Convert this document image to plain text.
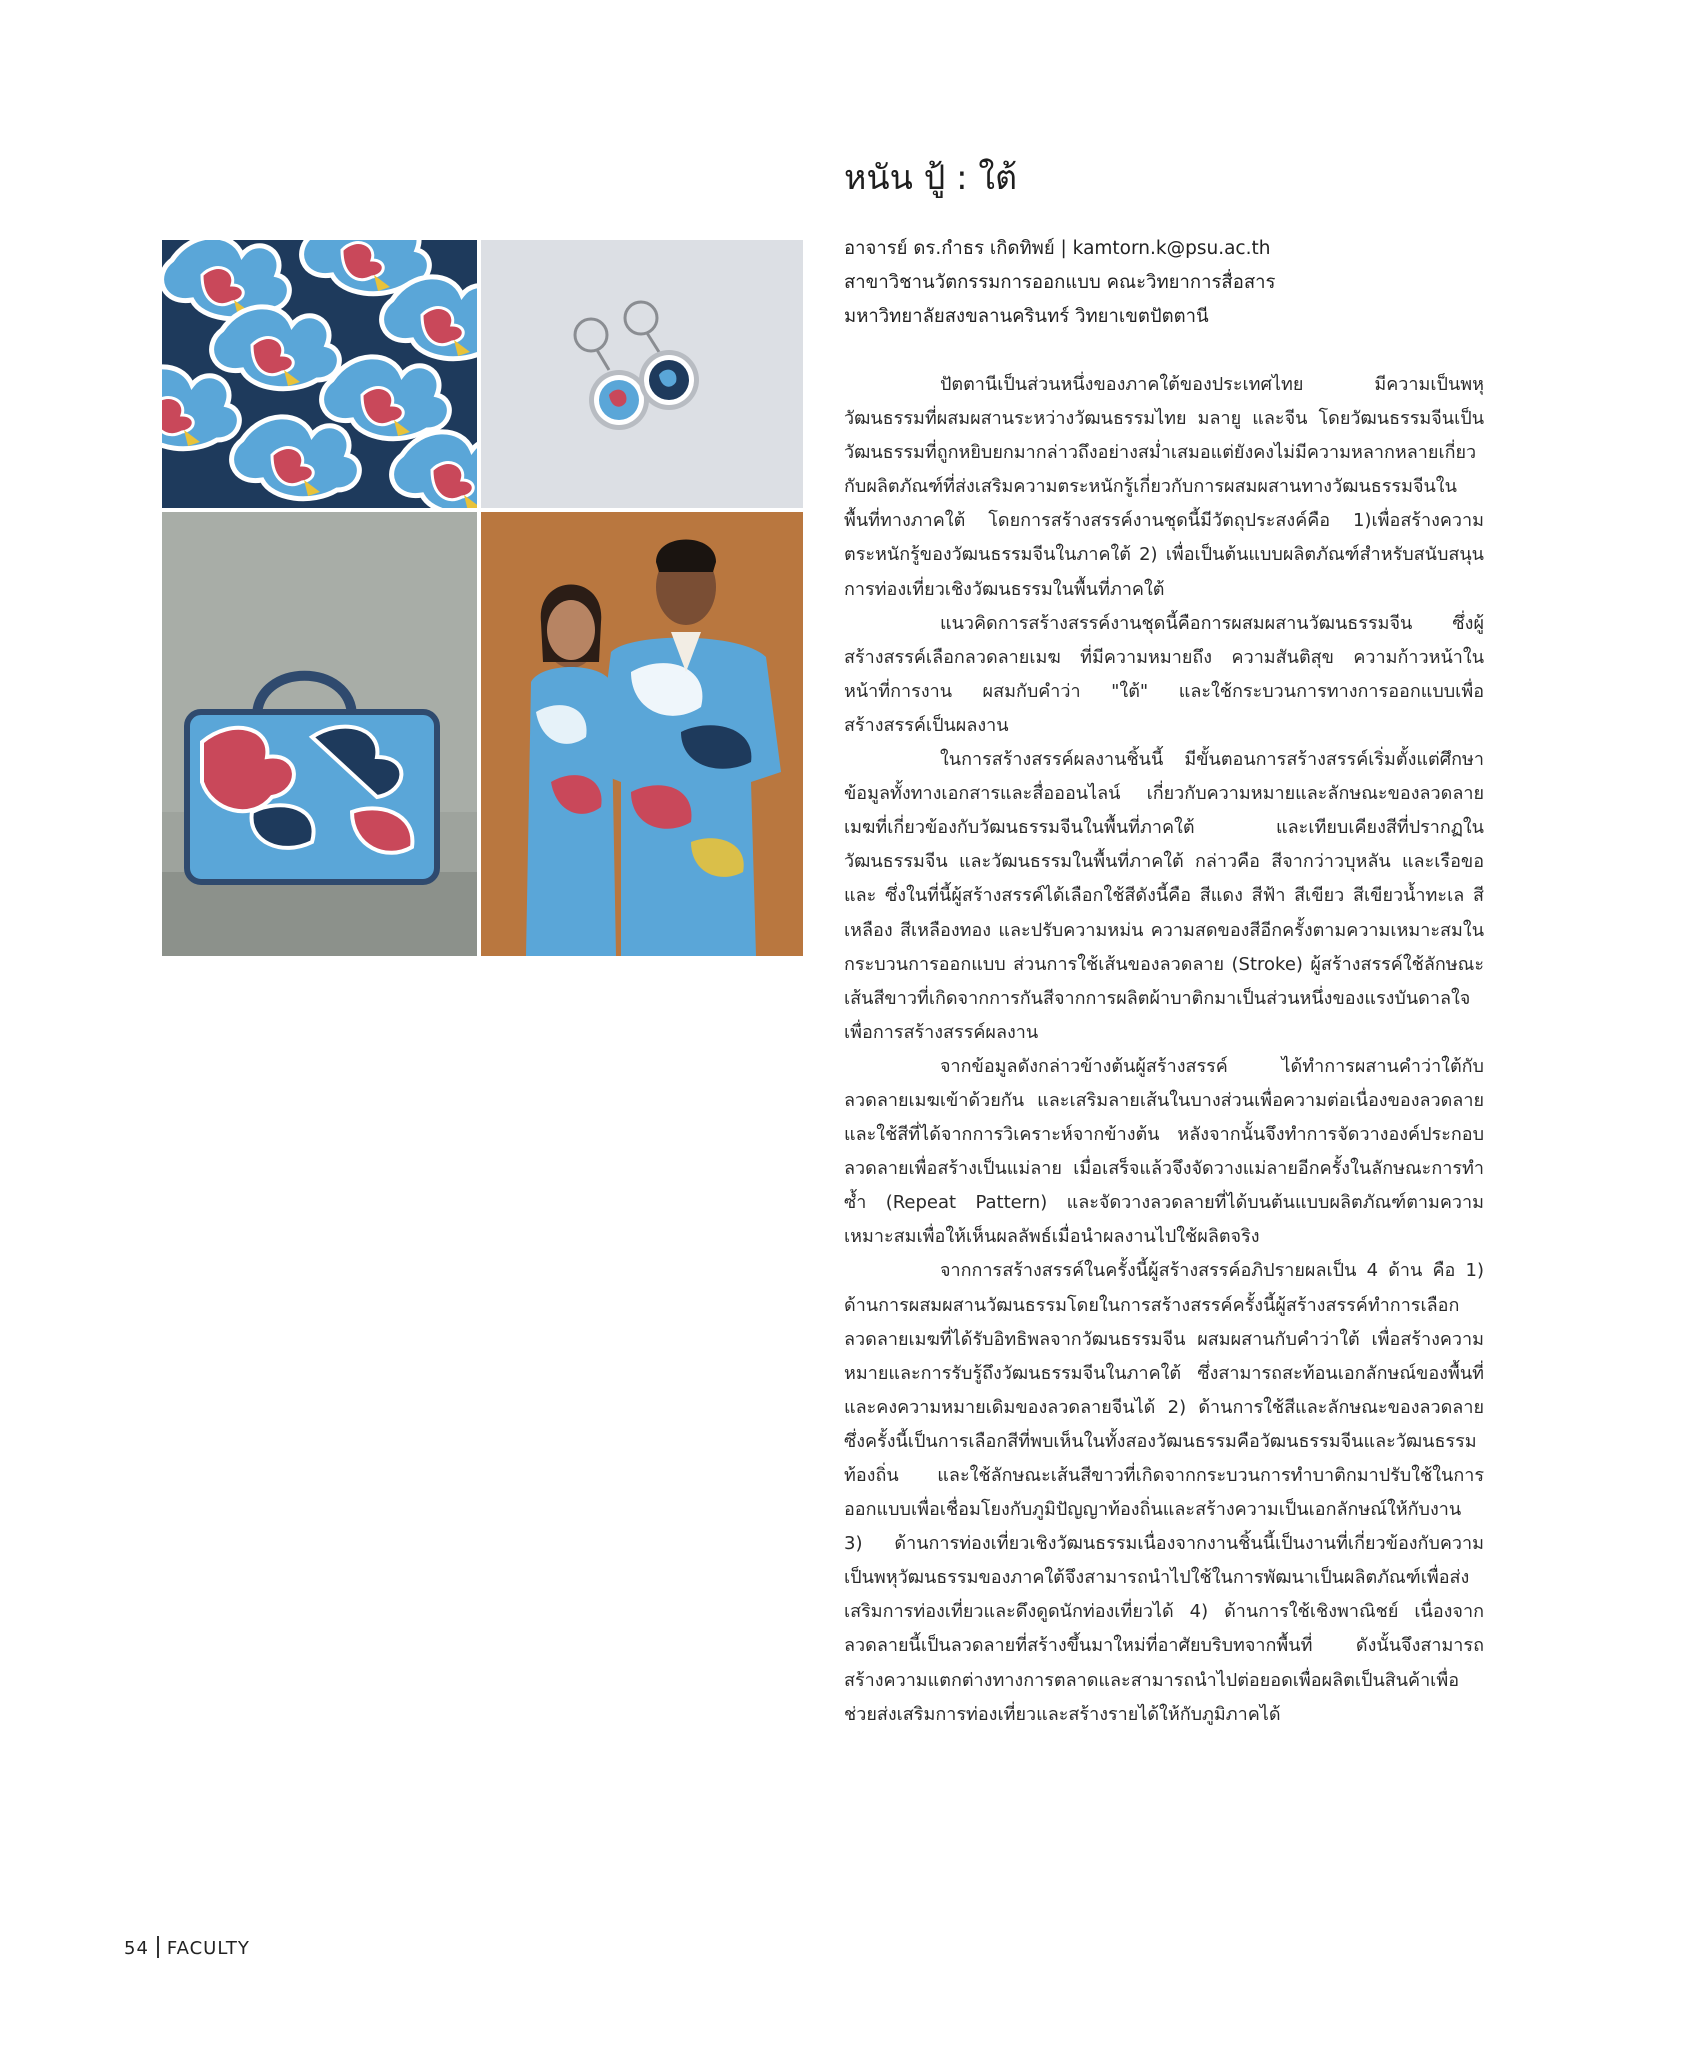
หนัน ปู้ : ใต้
อาจารย์ ดร.กำธร เกิดทิพย์ | kamtorn.k@psu.ac.th
สาขาวิชานวัตกรรมการออกแบบ คณะวิทยาการสื่อสาร
มหาวิทยาลัยสงขลานครินทร์ วิทยาเขตปัตตานี

ปัตตานีเป็นส่วนหนึ่งของภาคใต้ของประเทศไทย มีความเป็นพหุวัฒนธรรมที่ผสมผสานระหว่างวัฒนธรรมไทย มลายู และจีน โดยวัฒนธรรมจีนเป็นวัฒนธรรมที่ถูกหยิบยกมากล่าวถึงอย่างสม่ำเสมอแต่ยังคงไม่มีความหลากหลายเกี่ยวกับผลิตภัณฑ์ที่ส่งเสริมความตระหนักรู้เกี่ยวกับการผสมผสานทางวัฒนธรรมจีนในพื้นที่ทางภาคใต้ โดยการสร้างสรรค์งานชุดนี้มีวัตถุประสงค์คือ 1)เพื่อสร้างความตระหนักรู้ของวัฒนธรรมจีนในภาคใต้ 2) เพื่อเป็นต้นแบบผลิตภัณฑ์สำหรับสนับสนุนการท่องเที่ยวเชิงวัฒนธรรมในพื้นที่ภาคใต้

แนวคิดการสร้างสรรค์งานชุดนี้คือการผสมผสานวัฒนธรรมจีน ซึ่งผู้สร้างสรรค์เลือกลวดลายเมฆ ที่มีความหมายถึง ความสันติสุข ความก้าวหน้าในหน้าที่การงาน ผสมกับคำว่า "ใต้" และใช้กระบวนการทางการออกแบบเพื่อสร้างสรรค์เป็นผลงาน

ในการสร้างสรรค์ผลงานชิ้นนี้ มีขั้นตอนการสร้างสรรค์เริ่มตั้งแต่ศึกษาข้อมูลทั้งทางเอกสารและสื่อออนไลน์ เกี่ยวกับความหมายและลักษณะของลวดลายเมฆที่เกี่ยวข้องกับวัฒนธรรมจีนในพื้นที่ภาคใต้ และเทียบเคียงสีที่ปรากฏในวัฒนธรรมจีน และวัฒนธรรมในพื้นที่ภาคใต้ กล่าวคือ สีจากว่าวบุหลัน และเรือขอและ ซึ่งในที่นี้ผู้สร้างสรรค์ได้เลือกใช้สีดังนี้คือ สีแดง สีฟ้า สีเขียว สีเขียวน้ำทะเล สีเหลือง สีเหลืองทอง และปรับความหม่น ความสดของสีอีกครั้งตามความเหมาะสมในกระบวนการออกแบบ ส่วนการใช้เส้นของลวดลาย (Stroke) ผู้สร้างสรรค์ใช้ลักษณะเส้นสีขาวที่เกิดจากการกันสีจากการผลิตผ้าบาติกมาเป็นส่วนหนึ่งของแรงบันดาลใจเพื่อการสร้างสรรค์ผลงาน

จากข้อมูลดังกล่าวข้างต้นผู้สร้างสรรค์ ได้ทำการผสานคำว่าใต้กับลวดลายเมฆเข้าด้วยกัน และเสริมลายเส้นในบางส่วนเพื่อความต่อเนื่องของลวดลายและใช้สีที่ได้จากการวิเคราะห์จากข้างต้น หลังจากนั้นจึงทำการจัดวางองค์ประกอบลวดลายเพื่อสร้างเป็นแม่ลาย เมื่อเสร็จแล้วจึงจัดวางแม่ลายอีกครั้งในลักษณะการทำซ้ำ (Repeat Pattern) และจัดวางลวดลายที่ได้บนต้นแบบผลิตภัณฑ์ตามความเหมาะสมเพื่อให้เห็นผลลัพธ์เมื่อนำผลงานไปใช้ผลิตจริง

จากการสร้างสรรค์ในครั้งนี้ผู้สร้างสรรค์อภิปรายผลเป็น 4 ด้าน คือ 1) ด้านการผสมผสานวัฒนธรรมโดยในการสร้างสรรค์ครั้งนี้ผู้สร้างสรรค์ทำการเลือกลวดลายเมฆที่ได้รับอิทธิพลจากวัฒนธรรมจีน ผสมผสานกับคำว่าใต้ เพื่อสร้างความหมายและการรับรู้ถึงวัฒนธรรมจีนในภาคใต้ ซึ่งสามารถสะท้อนเอกลักษณ์ของพื้นที่และคงความหมายเดิมของลวดลายจีนได้ 2) ด้านการใช้สีและลักษณะของลวดลาย ซึ่งครั้งนี้เป็นการเลือกสีที่พบเห็นในทั้งสองวัฒนธรรมคือวัฒนธรรมจีนและวัฒนธรรมท้องถิ่น และใช้ลักษณะเส้นสีขาวที่เกิดจากกระบวนการทำบาติกมาปรับใช้ในการออกแบบเพื่อเชื่อมโยงกับภูมิปัญญาท้องถิ่นและสร้างความเป็นเอกลักษณ์ให้กับงาน 3) ด้านการท่องเที่ยวเชิงวัฒนธรรมเนื่องจากงานชิ้นนี้เป็นงานที่เกี่ยวข้องกับความเป็นพหุวัฒนธรรมของภาคใต้จึงสามารถนำไปใช้ในการพัฒนาเป็นผลิตภัณฑ์เพื่อส่งเสริมการท่องเที่ยวและดึงดูดนักท่องเที่ยวได้ 4) ด้านการใช้เชิงพาณิชย์ เนื่องจากลวดลายนี้เป็นลวดลายที่สร้างขึ้นมาใหม่ที่อาศัยบริบทจากพื้นที่ ดังนั้นจึงสามารถสร้างความแตกต่างทางการตลาดและสามารถนำไปต่อยอดเพื่อผลิตเป็นสินค้าเพื่อช่วยส่งเสริมการท่องเที่ยวและสร้างรายได้ให้กับภูมิภาคได้

54 FACULTY
